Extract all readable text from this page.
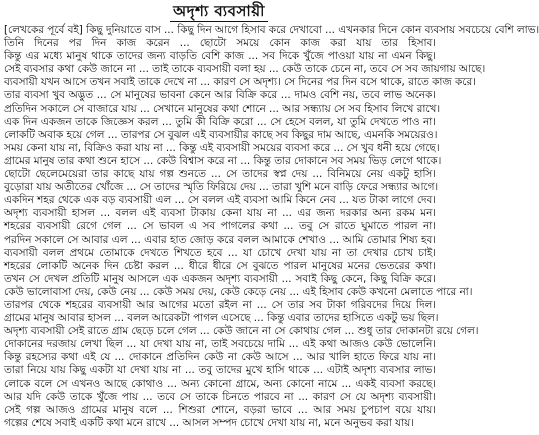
অদৃশ্য ব্যবসায়ী
[লেখকের পূর্বে বই] কিছু দুনিয়াতে বাস ... কিছু দিন আগে হিসাব করে দেখাবো ... এখনকার দিনে কোন ব্যবসায় সবচেয়ে বেশি লাভ।
তিনি দিনের পর দিন কাজ করেন ... ছোটো সময়ে কোন কাজ করা যায় তার হিসাব।
কিন্তু এর মধ্যে মানুষ থাকে তাদের জন্য বাড়তি বেশি কাজ ... সব দিকে খুঁজে পাওয়া যায় না এমন কিছু।
সেই ব্যবসার কথা কেউ জানে না ... তাই তাকে ব্যবসায়ী বলা হয় ... কেউ তাকে চেনে না, তবে সে সব জায়গায় আছে।
ব্যবসায়ী যখন আসে তখন সবাই তাকে দেখে না ... কারণ সে অদৃশ্য। সে দিনের পর দিন বসে থাকে, রাতে কাজ করে।
তার ব্যবসা খুব অদ্ভুত ... সে মানুষের ভাবনা কেনে আর বিক্রি করে ... দামও বেশি নয়, তবে লাভ অনেক।
প্রতিদিন সকালে সে বাজারে যায় ... সেখানে মানুষের কথা শোনে ... আর সন্ধ্যায় সে সব হিসাব লিখে রাখে।
এক দিন একজন তাকে জিজ্ঞেস করল ... তুমি কী বিক্রি করো ... সে হেসে বলল, যা তুমি দেখতে পাও না।
লোকটি অবাক হয়ে গেল ... তারপর সে বুঝল এই ব্যবসায়ীর কাছে সব কিছুর দাম আছে, এমনকি সময়েরও।
সময় কেনা যায় না, বিক্রিও করা যায় না ... কিন্তু এই ব্যবসায়ী সময়ের ব্যবসা করে ... সে খুব ধনী হয়ে গেছে।
গ্রামের মানুষ তার কথা শুনে হাসে ... কেউ বিশ্বাস করে না ... কিন্তু তার দোকানে সব সময় ভিড় লেগে থাকে।
ছোটো ছেলেমেয়েরা তার কাছে যায় গল্প শুনতে ... সে তাদের স্বপ্ন দেয় ... বিনিময়ে নেয় একটু হাসি।
বুড়োরা যায় অতীতের খোঁজে ... সে তাদের স্মৃতি ফিরিয়ে দেয় ... তারা খুশি মনে বাড়ি ফেরে সন্ধ্যার আগে।
একদিন শহর থেকে এক বড় ব্যবসায়ী এল ... সে বলল এই ব্যবসা আমি কিনে নেব ... যত টাকা লাগে দেব।
অদৃশ্য ব্যবসায়ী হাসল ... বলল এই ব্যবসা টাকায় কেনা যায় না ... এর জন্য দরকার অন্য রকম মন।
শহরের ব্যবসায়ী রেগে গেল ... সে ভাবল এ সব পাগলের কথা ... তবু সে রাতে ঘুমাতে পারল না।
পরদিন সকালে সে আবার এল ... এবার হাত জোড় করে বলল আমাকে শেখাও ... আমি তোমার শিষ্য হব।
ব্যবসায়ী বলল প্রথমে তোমাকে দেখতে শিখতে হবে ... যা চোখে দেখা যায় না তা দেখার চোখ চাই।
শহরের লোকটি অনেক দিন চেষ্টা করল ... ধীরে ধীরে সে বুঝতে পারল মানুষের মনের ভেতরের কথা।
তখন সে দেখল প্রতিটি মানুষ আসলে এক একজন অদৃশ্য ব্যবসায়ী ... সবাই কিছু কেনে, কিছু বিক্রি করে।
কেউ ভালোবাসা দেয়, কেউ নেয় ... কেউ সময় দেয়, কেউ কেড়ে নেয় ... এই হিসাব কেউ কখনো মেলাতে পারে না।
তারপর থেকে শহরের ব্যবসায়ী আর আগের মতো রইল না ... সে তার সব টাকা গরিবদের দিয়ে দিল।
গ্রামের মানুষ আবার হাসল ... বলল আরেকটা পাগল এসেছে ... কিন্তু এবার তাদের হাসিতে একটু ভয় ছিল।
অদৃশ্য ব্যবসায়ী সেই রাতে গ্রাম ছেড়ে চলে গেল ... কেউ জানে না সে কোথায় গেল ... শুধু তার দোকানটা রয়ে গেল।
দোকানের দরজায় লেখা ছিল ... যা দেখা যায় না, তাই সবচেয়ে দামি ... এই কথা আজও কেউ ভোলেনি।
কিন্তু রহস্যের কথা এই যে ... দোকানে প্রতিদিন কেউ না কেউ আসে ... আর খালি হাতে ফিরে যায় না।
তারা নিয়ে যায় কিছু একটা যা দেখা যায় না ... তবু তাদের মুখে হাসি থাকে ... এটাই অদৃশ্য ব্যবসার লাভ।
লোকে বলে সে এখনও আছে কোথাও ... অন্য কোনো গ্রামে, অন্য কোনো নামে ... একই ব্যবসা করছে।
আর যদি কেউ তাকে খুঁজে পায় ... তবে সে তাকে চিনতে পারবে না ... কারণ সে যে অদৃশ্য ব্যবসায়ী।
সেই গল্প আজও গ্রামের মানুষ বলে ... শিশুরা শোনে, বড়রা ভাবে ... আর সময় চুপচাপ বয়ে যায়।
গল্পের শেষে সবাই একটি কথা মনে রাখে ... আসল সম্পদ চোখে দেখা যায় না, মনে অনুভব করা যায়।
